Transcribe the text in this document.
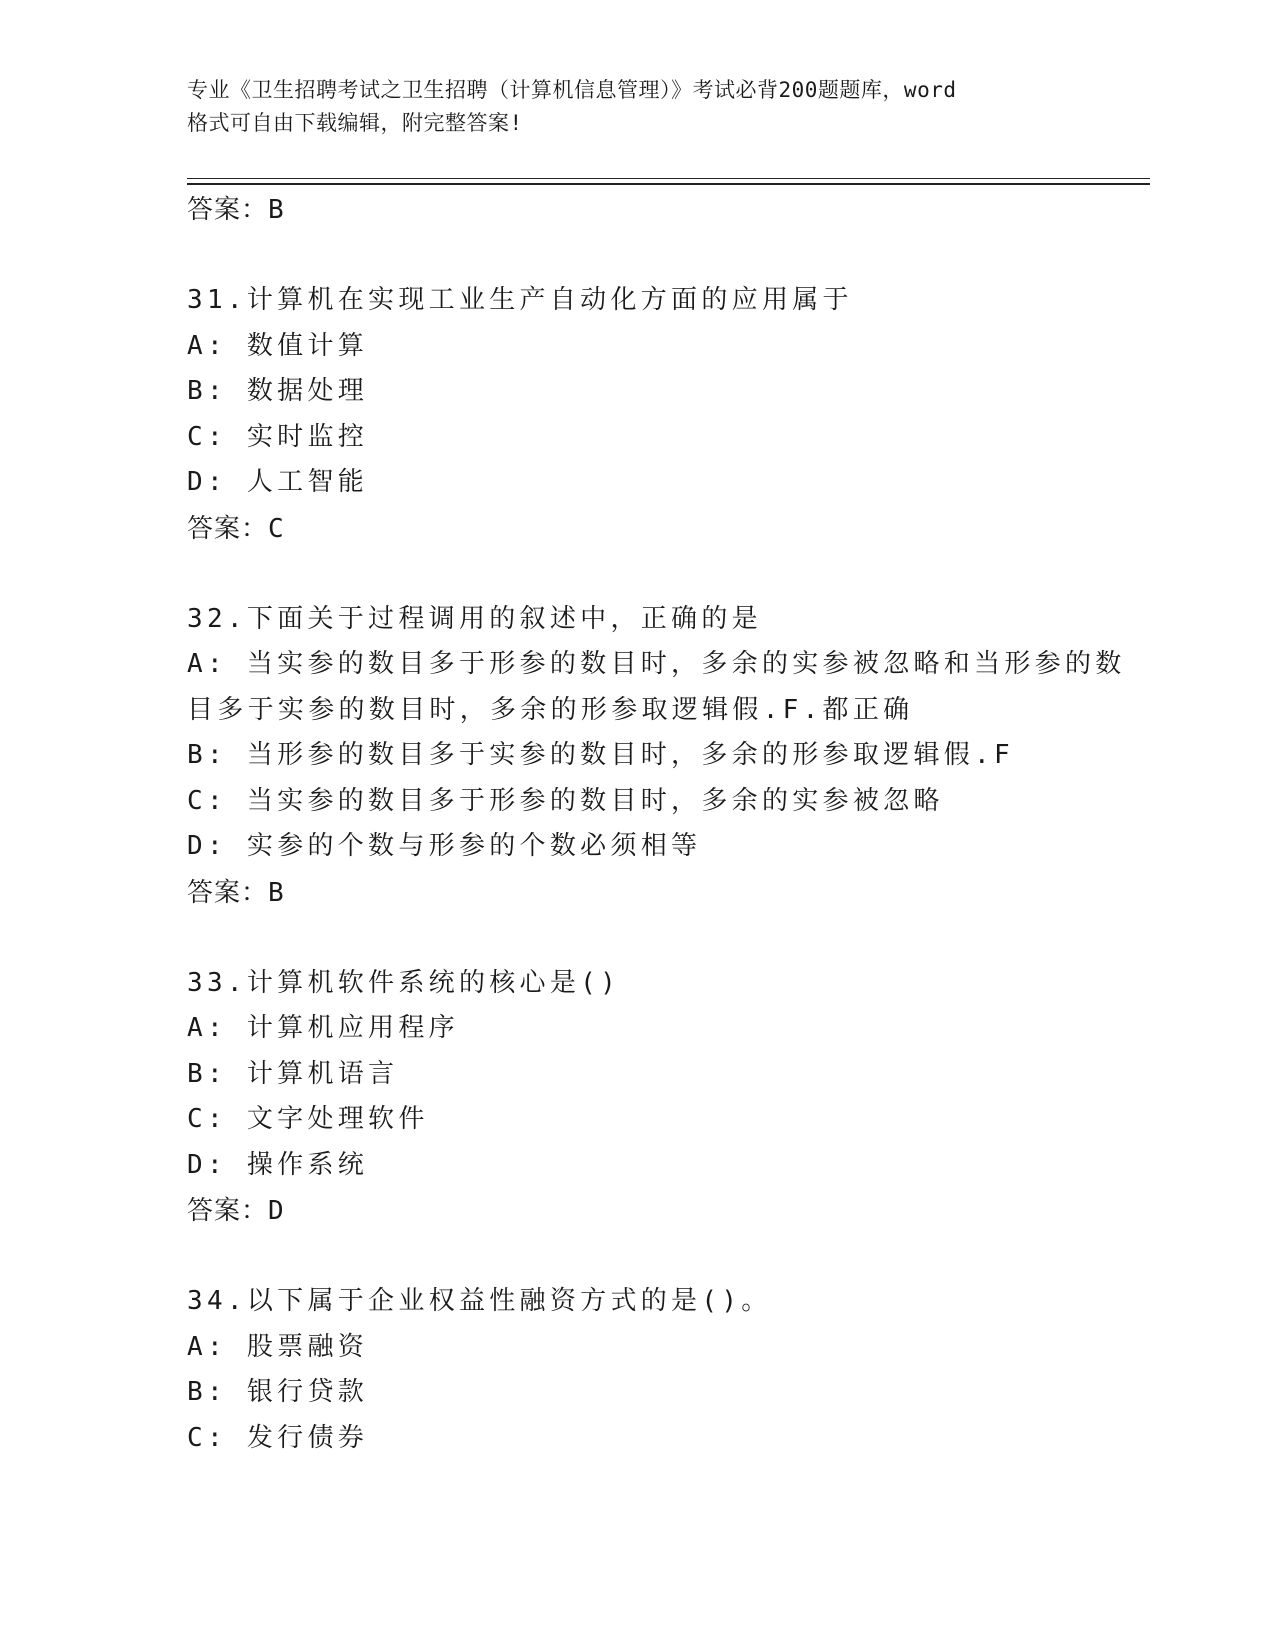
专业《卫生招聘考试之卫生招聘（计算机信息管理）》考试必背200题题库，word
格式可自由下载编辑，附完整答案!
答案：B
31.计算机在实现工业生产自动化方面的应用属于
A: 数值计算
B: 数据处理
C: 实时监控
D: 人工智能
答案：C
32.下面关于过程调用的叙述中，正确的是
A: 当实参的数目多于形参的数目时，多余的实参被忽略和当形参的数
目多于实参的数目时，多余的形参取逻辑假.F.都正确
B: 当形参的数目多于实参的数目时，多余的形参取逻辑假.F
C: 当实参的数目多于形参的数目时，多余的实参被忽略
D: 实参的个数与形参的个数必须相等
答案：B
33.计算机软件系统的核心是()
A: 计算机应用程序
B: 计算机语言
C: 文字处理软件
D: 操作系统
答案：D
34.以下属于企业权益性融资方式的是()。
A: 股票融资
B: 银行贷款
C: 发行债券
